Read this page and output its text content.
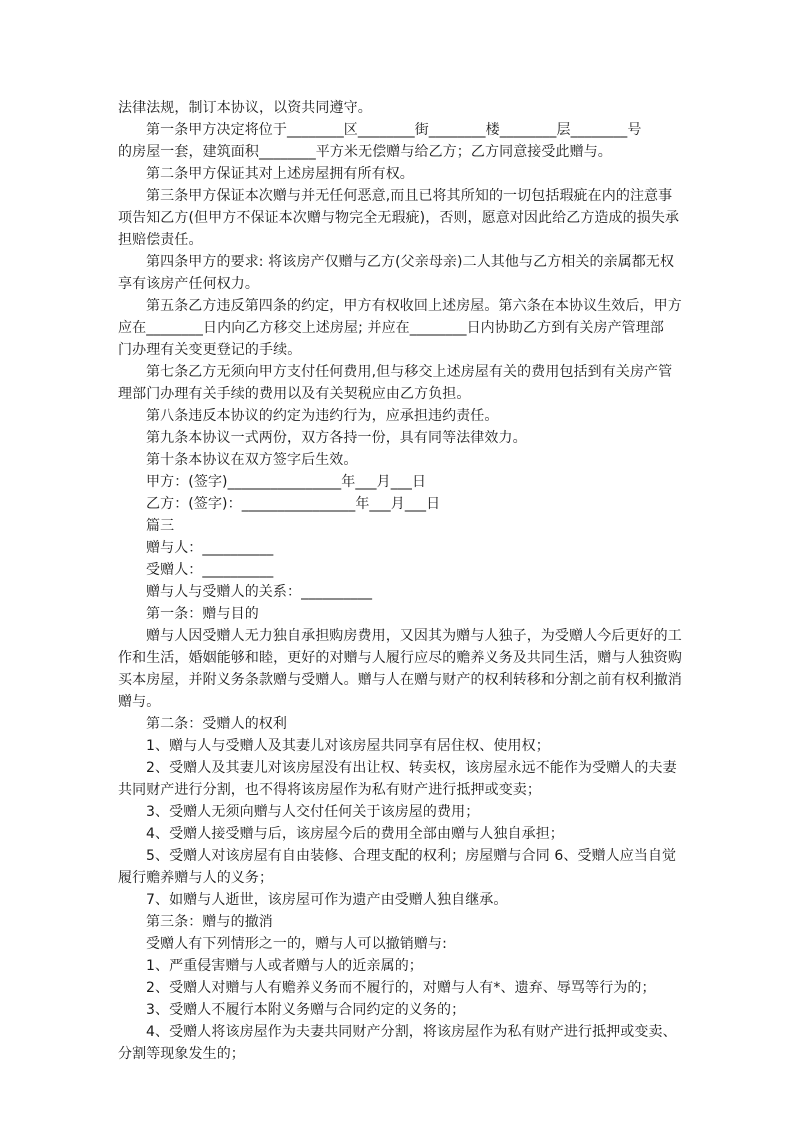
法律法规，制订本协议，以资共同遵守。
第一条甲方决定将位于________区________街________楼________层________号
的房屋一套，建筑面积________平方米无偿赠与给乙方；乙方同意接受此赠与。
第二条甲方保证其对上述房屋拥有所有权。
第三条甲方保证本次赠与并无任何恶意,而且已将其所知的一切包括瑕疵在内的注意事
项告知乙方(但甲方不保证本次赠与物完全无瑕疵)，否则，愿意对因此给乙方造成的损失承
担赔偿责任。
第四条甲方的要求: 将该房产仅赠与乙方(父亲母亲)二人其他与乙方相关的亲属都无权
享有该房产任何权力。
第五条乙方违反第四条的约定，甲方有权收回上述房屋。第六条在本协议生效后，甲方
应在________日内向乙方移交上述房屋; 并应在________日内协助乙方到有关房产管理部
门办理有关变更登记的手续。
第七条乙方无须向甲方支付任何费用,但与移交上述房屋有关的费用包括到有关房产管
理部门办理有关手续的费用以及有关契税应由乙方负担。
第八条违反本协议的约定为违约行为，应承担违约责任。
第九条本协议一式两份，双方各持一份，具有同等法律效力。
第十条本协议在双方签字后生效。
甲方：(签字)________________年___月___日
乙方：(签字)：________________年___月___日
篇三
赠与人：__________
受赠人：__________
赠与人与受赠人的关系：__________
第一条：赠与目的
赠与人因受赠人无力独自承担购房费用，又因其为赠与人独子，为受赠人今后更好的工
作和生活，婚姻能够和睦，更好的对赠与人履行应尽的赡养义务及共同生活，赠与人独资购
买本房屋，并附义务条款赠与受赠人。赠与人在赠与财产的权利转移和分割之前有权利撤消
赠与。
第二条：受赠人的权利
1、赠与人与受赠人及其妻儿对该房屋共同享有居住权、使用权；
2、受赠人及其妻儿对该房屋没有出让权、转卖权，该房屋永远不能作为受赠人的夫妻
共同财产进行分割，也不得将该房屋作为私有财产进行抵押或变卖；
3、受赠人无须向赠与人交付任何关于该房屋的费用；
4、受赠人接受赠与后，该房屋今后的费用全部由赠与人独自承担；
5、受赠人对该房屋有自由装修、合理支配的权利；房屋赠与合同 6、受赠人应当自觉
履行赡养赠与人的义务；
7、如赠与人逝世，该房屋可作为遗产由受赠人独自继承。
第三条：赠与的撤消
受赠人有下列情形之一的，赠与人可以撤销赠与:
1、严重侵害赠与人或者赠与人的近亲属的；
2、受赠人对赠与人有赡养义务而不履行的，对赠与人有*、遗弃、辱骂等行为的；
3、受赠人不履行本附义务赠与合同约定的义务的；
4、受赠人将该房屋作为夫妻共同财产分割，将该房屋作为私有财产进行抵押或变卖、
分割等现象发生的；
